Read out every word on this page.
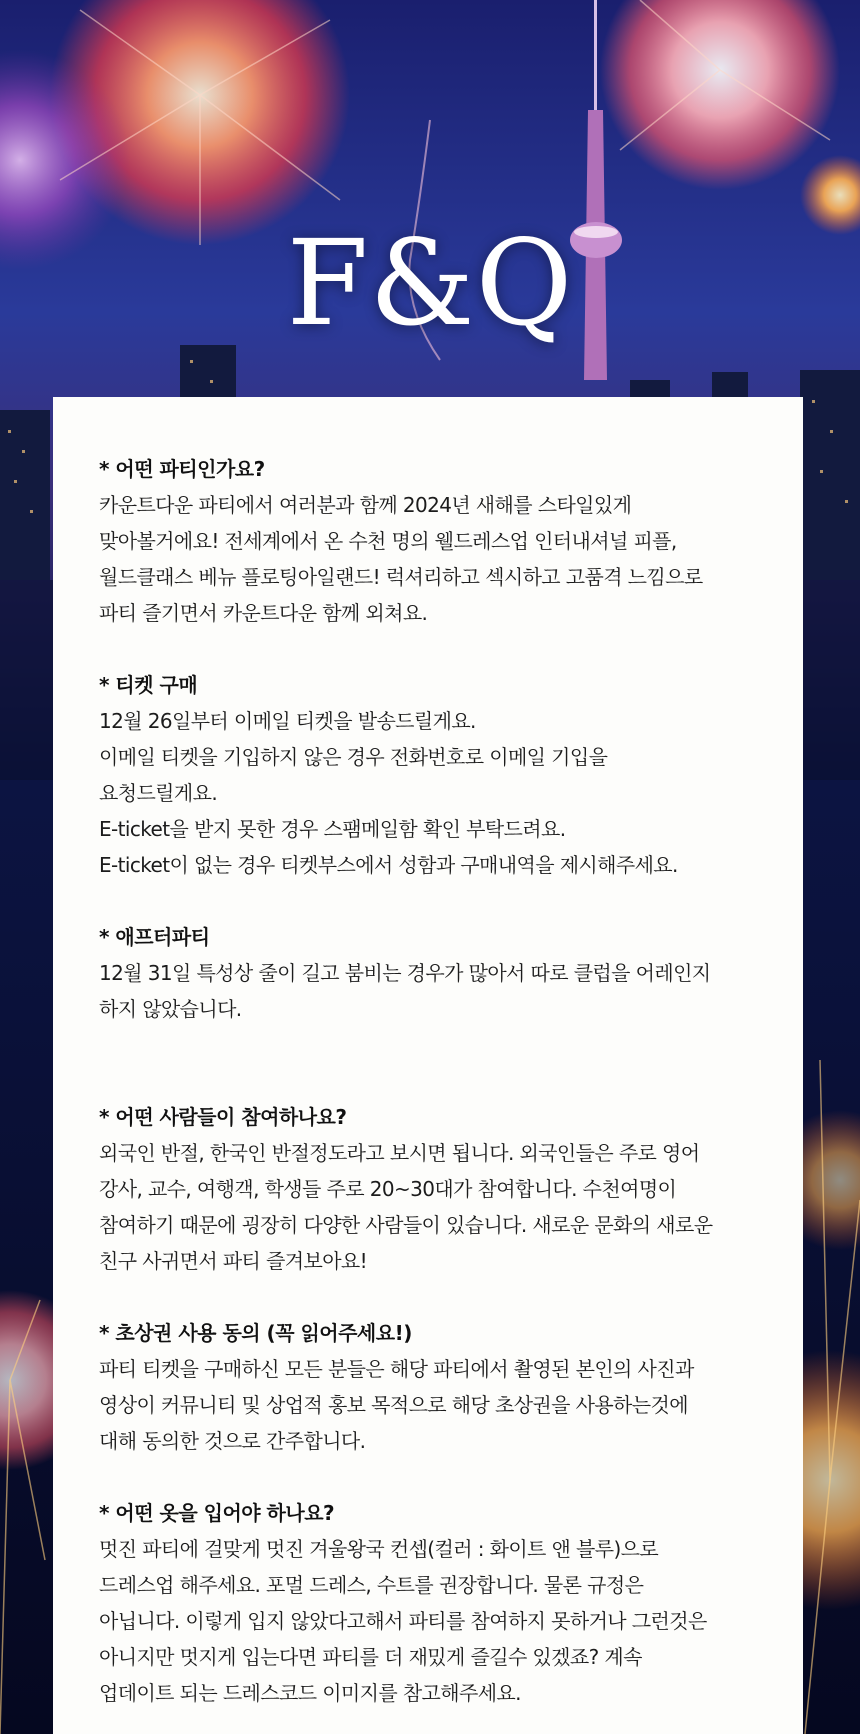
F&Q
* 어떤 파티인가요?
카운트다운 파티에서 여러분과 함께 2024년 새해를 스타일있게
맞아볼거에요! 전세계에서 온 수천 명의 웰드레스업 인터내셔널 피플,
월드클래스 베뉴 플로팅아일랜드! 럭셔리하고 섹시하고 고품격 느낌으로
파티 즐기면서 카운트다운 함께 외쳐요.
* 티켓 구매
12월 26일부터 이메일 티켓을 발송드릴게요.
이메일 티켓을 기입하지 않은 경우 전화번호로 이메일 기입을
요청드릴게요.
E-ticket을 받지 못한 경우 스팸메일함 확인 부탁드려요.
E-ticket이 없는 경우 티켓부스에서 성함과 구매내역을 제시해주세요.
* 애프터파티
12월 31일 특성상 줄이 길고 붐비는 경우가 많아서 따로 클럽을 어레인지
하지 않았습니다.
* 어떤 사람들이 참여하나요?
외국인 반절, 한국인 반절정도라고 보시면 됩니다. 외국인들은 주로 영어
강사, 교수, 여행객, 학생들 주로 20~30대가 참여합니다. 수천여명이
참여하기 때문에 굉장히 다양한 사람들이 있습니다. 새로운 문화의 새로운
친구 사귀면서 파티 즐겨보아요!
* 초상권 사용 동의 (꼭 읽어주세요!)
파티 티켓을 구매하신 모든 분들은 해당 파티에서 촬영된 본인의 사진과
영상이 커뮤니티 및 상업적 홍보 목적으로 해당 초상권을 사용하는것에
대해 동의한 것으로 간주합니다.
* 어떤 옷을 입어야 하나요?
멋진 파티에 걸맞게 멋진 겨울왕국 컨셉(컬러 : 화이트 앤 블루)으로
드레스업 해주세요. 포멀 드레스, 수트를 권장합니다. 물론 규정은
아닙니다. 이렇게 입지 않았다고해서 파티를 참여하지 못하거나 그런것은
아니지만 멋지게 입는다면 파티를 더 재밌게 즐길수 있겠죠? 계속
업데이트 되는 드레스코드 이미지를 참고해주세요.
